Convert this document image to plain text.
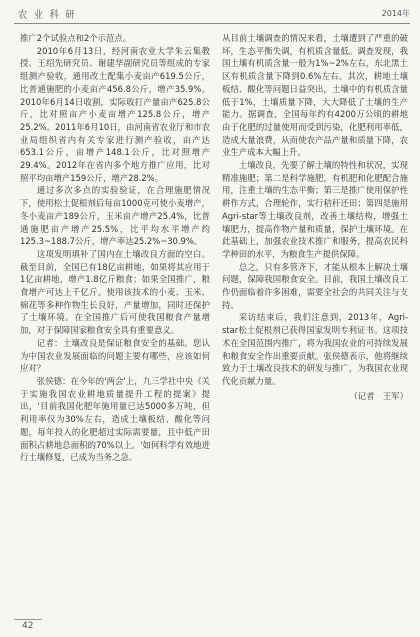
农 业 科 研	2014年

推广2个试验点和2个示范点。

2010年6月13日，经河南农业大学朱云集教授、王绍先研究员、谢建华副研究员等组成的专家组测产验收，通用改土配集小麦亩产619.5公斤，比普通施肥的小麦亩产456.8公斤，增产35.9%。2010年6月14日收割，实际收打产量亩产625.8公斤，比对照亩产小麦亩增产125.8公斤，增产25.2%。2011年6月10日，由河南省农业厅和市农业局组织省内有关专家进行测产验收，亩产达653.1公斤，亩增产148.1公斤，比对照增产29.4%。2012年在省内多个地方推广应用，比对照平均亩增产159公斤，增产28.2%。

通过多次多点的实验验证，在合理施肥情况下，使用松土促根剂后每亩1000克可使小麦增产，冬小麦亩产189公斤，玉米亩产增产25.4%，比普通施肥亩产增产25.5%，比平均水平增产约125.3~188.7公斤，增产率达25.2%~30.9%。

这项发明填补了国内在土壤改良方面的空白。截至目前，全国已有18亿亩耕地，如果将其应用于1亿亩耕地，增产1.8亿斤粮食；如果全国推广，粮食增产可达上千亿斤。使用该技术的小麦、玉米、棉花等多种作物生长良好，产量增加，同时还保护了土壤环境。在全国推广后可使我国粮食产量增加，对于保障国家粮食安全具有重要意义。

记者：土壤改良是保证粮食安全的基础。您认为中国农业发展面临的问题主要有哪些，应该如何应对？

张侯德：在今年的'两会'上，九三学社中央《关于实施我国农业耕地质量提升工程的提案》提出，'目前我国化肥年施用量已达5000多万吨，但利用率仅为30%左右，造成土壤板结、酸化等问题，每年投入的化肥超过实际需要量，且中低产田面积占耕地总面积的70%以上。'如何科学有效地进行土壤修复，已成为当务之急。

从目前土壤调查的情况来看，土壤遭到了严重的破坏，生态平衡失调，有机质含量低。调查发现，我国土壤有机质含量一般为1%~2%左右，东北黑土区有机质含量下降到0.6%左右。其次，耕地土壤板结、酸化等问题日益突出，土壤中的有机质含量低于1%，土壤质量下降，大大降低了土壤的生产能力。据调查，全国每年约有4200万公顷的耕地由于化肥的过量使用而受到污染，化肥利用率低，造成大量浪费，从而使农产品产量和质量下降，农业生产成本大幅上升。

土壤改良，先要了解土壤的特性和状况，实现精准施肥；第二是科学施肥，有机肥和化肥配合施用，注重土壤的生态平衡；第三是推广使用保护性耕作方式，合理轮作，实行秸秆还田；第四是施用Agri-star等土壤改良剂，改善土壤结构，增强土壤肥力，提高作物产量和质量，保护土壤环境。在此基础上，加强农业技术推广和服务，提高农民科学种田的水平，为粮食生产提供保障。

总之，只有多管齐下，才能从根本上解决土壤问题，保障我国粮食安全。目前，我国土壤改良工作仍面临着许多困难，需要全社会的共同关注与支持。

采访结束后，我们注意到，2013年，Agri-star松土促根剂已获得国家发明专利证书。这项技术在全国范围内推广，将为我国农业的可持续发展和粮食安全作出重要贡献。张侯德表示，他将继续致力于土壤改良技术的研发与推广，为我国农业现代化贡献力量。

（记者　王军）

42
